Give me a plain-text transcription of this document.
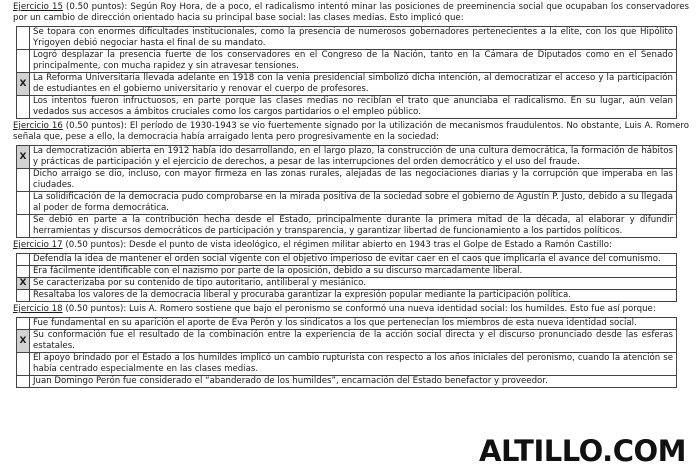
Ejercicio 15 (0.50 puntos): Según Roy Hora, de a poco, el radicalismo intentó minar las posiciones de preeminencia social que ocupaban los conservadores por un cambio de dirección orientado hacia su principal base social: las clases medias. Esto implicó que:

	Se topara con enormes dificultades institucionales, como la presencia de numerosos gobernadores pertenecientes a la elite, con los que Hipólito Yrigoyen debió negociar hasta el final de su mandato.
	Logró desplazar la presencia fuerte de los conservadores en el Congreso de la Nación, tanto en la Cámara de Diputados como en el Senado principalmente, con mucha rapidez y sin atravesar tensiones.
X	La Reforma Universitaria llevada adelante en 1918 con la venia presidencial simbolizó dicha intención, al democratizar el acceso y la participación de estudiantes en el gobierno universitario y renovar el cuerpo de profesores.
	Los intentos fueron infructuosos, en parte porque las clases medias no recibían el trato que anunciaba el radicalismo. En su lugar, aún veían vedados sus accesos a ámbitos cruciales como los cargos partidarios o el empleo público.

Ejercicio 16 (0.50 puntos): El período de 1930-1943 se vio fuertemente signado por la utilización de mecanismos fraudulentos. No obstante, Luis A. Romero señala que, pese a ello, la democracia había arraigado lenta pero progresivamente en la sociedad:

X	La democratización abierta en 1912 había ido desarrollando, en el largo plazo, la construcción de una cultura democrática, la formación de hábitos y prácticas de participación y el ejercicio de derechos, a pesar de las interrupciones del orden democrático y el uso del fraude.
	Dicho arraigo se dio, incluso, con mayor firmeza en las zonas rurales, alejadas de las negociaciones diarias y la corrupción que imperaba en las ciudades.
	La solidificación de la democracia pudo comprobarse en la mirada positiva de la sociedad sobre el gobierno de Agustín P. Justo, debido a su llegada al poder de forma democrática.
	Se debió en parte a la contribución hecha desde el Estado, principalmente durante la primera mitad de la década, al elaborar y difundir herramientas y discursos democráticos de participación y transparencia, y garantizar libertad de funcionamiento a los partidos políticos.

Ejercicio 17 (0.50 puntos): Desde el punto de vista ideológico, el régimen militar abierto en 1943 tras el Golpe de Estado a Ramón Castillo:

	Defendía la idea de mantener el orden social vigente con el objetivo imperioso de evitar caer en el caos que implicaría el avance del comunismo.
	Era fácilmente identificable con el nazismo por parte de la oposición, debido a su discurso marcadamente liberal.
X	Se caracterizaba por su contenido de tipo autoritario, antiliberal y mesiánico.
	Resaltaba los valores de la democracia liberal y procuraba garantizar la expresión popular mediante la participación política.

Ejercicio 18 (0.50 puntos): Luis A. Romero sostiene que bajo el peronismo se conformó una nueva identidad social: los humildes. Esto fue así porque:

	Fue fundamental en su aparición el aporte de Eva Perón y los sindicatos a los que pertenecían los miembros de esta nueva identidad social.
X	Su conformación fue el resultado de la combinación entre la experiencia de la acción social directa y el discurso pronunciado desde las esferas estatales.
	El apoyo brindado por el Estado a los humildes implicó un cambio rupturista con respecto a los años iniciales del peronismo, cuando la atención se había centrado especialmente en las clases medias.
	Juan Domingo Perón fue considerado el “abanderado de los humildes”, encarnación del Estado benefactor y proveedor.
ALTILLO.COM
